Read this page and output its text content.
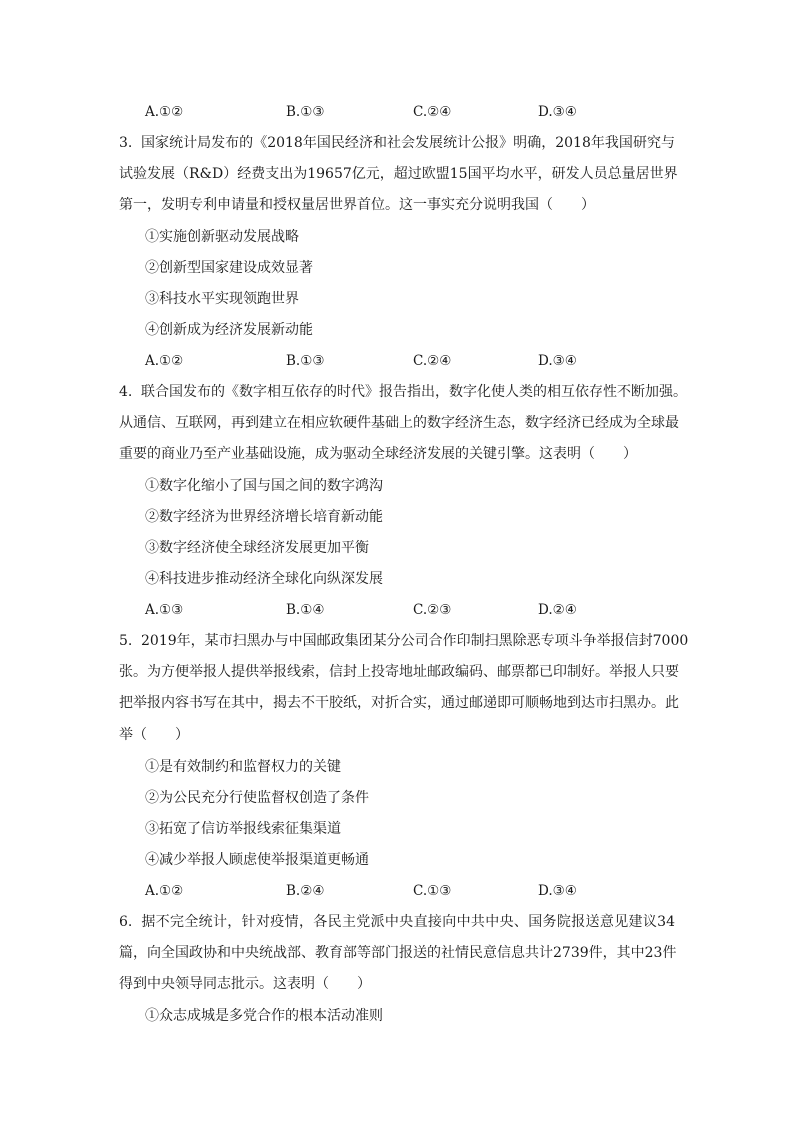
A.①②	B.①③	C.②④	D.③④
3. 国家统计局发布的《2018年国民经济和社会发展统计公报》明确，2018年我国研究与
试验发展（R&D）经费支出为19657亿元，超过欧盟15国平均水平，研发人员总量居世界
第一，发明专利申请量和授权量居世界首位。这一事实充分说明我国（　　）
①实施创新驱动发展战略
②创新型国家建设成效显著
③科技水平实现领跑世界
④创新成为经济发展新动能
A.①②	B.①③	C.②④	D.③④
4. 联合国发布的《数字相互依存的时代》报告指出，数字化使人类的相互依存性不断加强。
从通信、互联网，再到建立在相应软硬件基础上的数字经济生态，数字经济已经成为全球最
重要的商业乃至产业基础设施，成为驱动全球经济发展的关键引擎。这表明（　　）
①数字化缩小了国与国之间的数字鸿沟
②数字经济为世界经济增长培育新动能
③数字经济使全球经济发展更加平衡
④科技进步推动经济全球化向纵深发展
A.①③	B.①④	C.②③	D.②④
5. 2019年，某市扫黑办与中国邮政集团某分公司合作印制扫黑除恶专项斗争举报信封7000
张。为方便举报人提供举报线索，信封上投寄地址邮政编码、邮票都已印制好。举报人只要
把举报内容书写在其中，揭去不干胶纸，对折合实，通过邮递即可顺畅地到达市扫黑办。此
举（　　）
①是有效制约和监督权力的关键
②为公民充分行使监督权创造了条件
③拓宽了信访举报线索征集渠道
④减少举报人顾虑使举报渠道更畅通
A.①②	B.②④	C.①③	D.③④
6. 据不完全统计，针对疫情，各民主党派中央直接向中共中央、国务院报送意见建议34
篇，向全国政协和中央统战部、教育部等部门报送的社情民意信息共计2739件，其中23件
得到中央领导同志批示。这表明（　　）
①众志成城是多党合作的根本活动准则
